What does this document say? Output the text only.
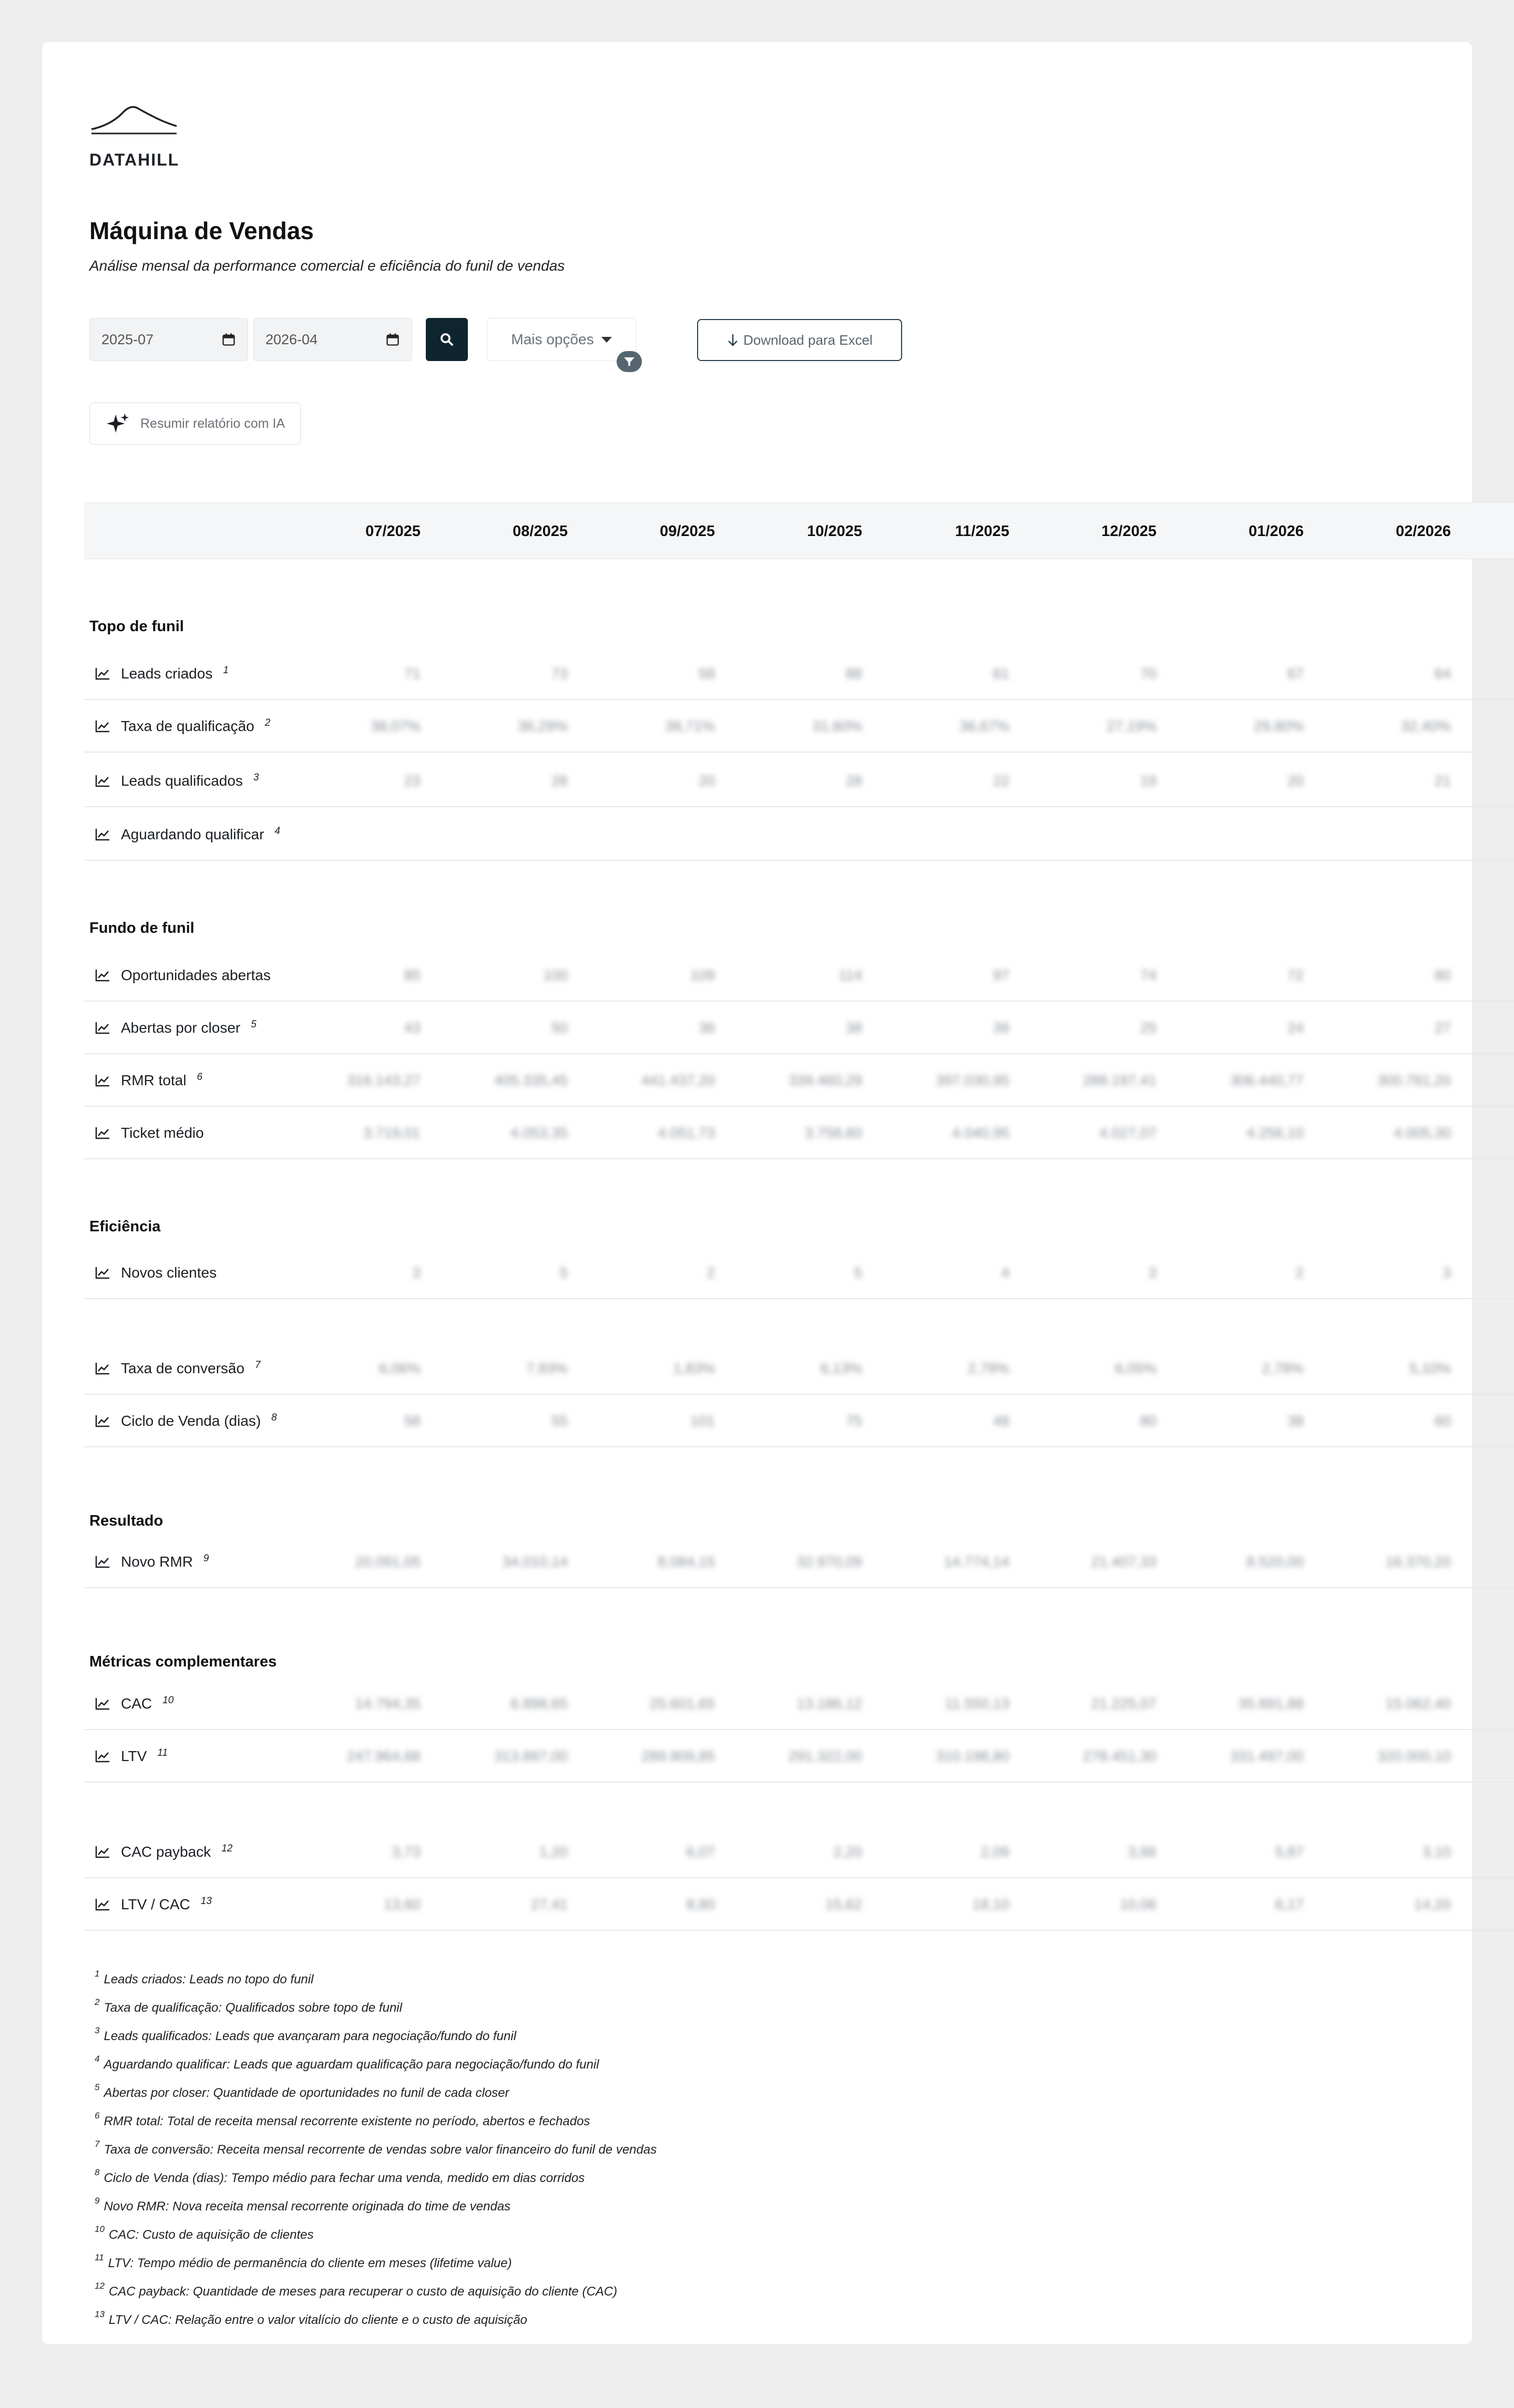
DATAHILL
Máquina de Vendas

Análise mensal da performance comercial e eficiência do funil de vendas

2025-07	2026-04	Mais opções	Download para Excel
Resumir relatório com IA
07/2025	08/2025	09/2025	10/2025	11/2025	12/2025	01/2026	02/2026
Topo de funil
Leads criados $^1$	71	73	58	88	61	70	67	64
Taxa de qualificação $^2$	38,07%	36,29%	38,71%	31,60%	36,67%	27,19%	29,80%	32,40%
Leads qualificados $^3$	23	28	20	28	22	19	20	21
Aguardando qualificar $^4$
Fundo de funil
Oportunidades abertas	85	100	109	114	97	74	72	80
Abertas por closer $^5$	43	50	36	38	39	25	24	27
RMR total $^6$	316.143,27	405.335,45	441.437,20	339.460,29	397.030,95	288.197,41	306.440,77	300.781,20
Ticket médio	3.719,01	4.053,35	4.051,73	3.758,60	4.040,95	4.027,07	4.256,10	4.005,30
Eficiência
Novos clientes	3	5	2	5	4	3	2	3
Taxa de conversão $^7$	6,06%	7,93%	1,83%	6,13%	2,79%	6,05%	2,78%	5,10%
Ciclo de Venda (dias) $^8$	58	55	101	75	48	80	38	60
Resultado
Novo RMR $^9$	20.091,05	34.010,14	8.084,15	32.970,09	14.774,14	21.407,33	8.520,00	16.370,20
Métricas complementares
CAC $^{10}$	14.794,35	6.898,65	25.601,65	13.186,12	11.550,13	21.225,07	35.891,88	15.062,40
LTV $^{11}$	247.964,68	313.897,00	289.909,85	291.322,00	310.198,80	278.451,30	331.497,00	320.000,10
CAC payback $^{12}$	3,73	1,20	6,07	2,20	2,09	3,66	5,87	3,10
LTV / CAC $^{13}$	13,60	27,41	8,80	15,62	18,10	10,06	6,17	14,20
$^1$ Leads criados: Leads no topo do funil
$^2$ Taxa de qualificação: Qualificados sobre topo de funil
$^3$ Leads qualificados: Leads que avançaram para negociação/fundo do funil
$^4$ Aguardando qualificar: Leads que aguardam qualificação para negociação/fundo do funil
$^5$ Abertas por closer: Quantidade de oportunidades no funil de cada closer
$^6$ RMR total: Total de receita mensal recorrente existente no período, abertos e fechados
$^7$ Taxa de conversão: Receita mensal recorrente de vendas sobre valor financeiro do funil de vendas
$^8$ Ciclo de Venda (dias): Tempo médio para fechar uma venda, medido em dias corridos
$^9$ Novo RMR: Nova receita mensal recorrente originada do time de vendas
$^{10}$ CAC: Custo de aquisição de clientes
$^{11}$ LTV: Tempo médio de permanência do cliente em meses (lifetime value)
$^{12}$ CAC payback: Quantidade de meses para recuperar o custo de aquisição do cliente (CAC)
$^{13}$ LTV / CAC: Relação entre o valor vitalício do cliente e o custo de aquisição
